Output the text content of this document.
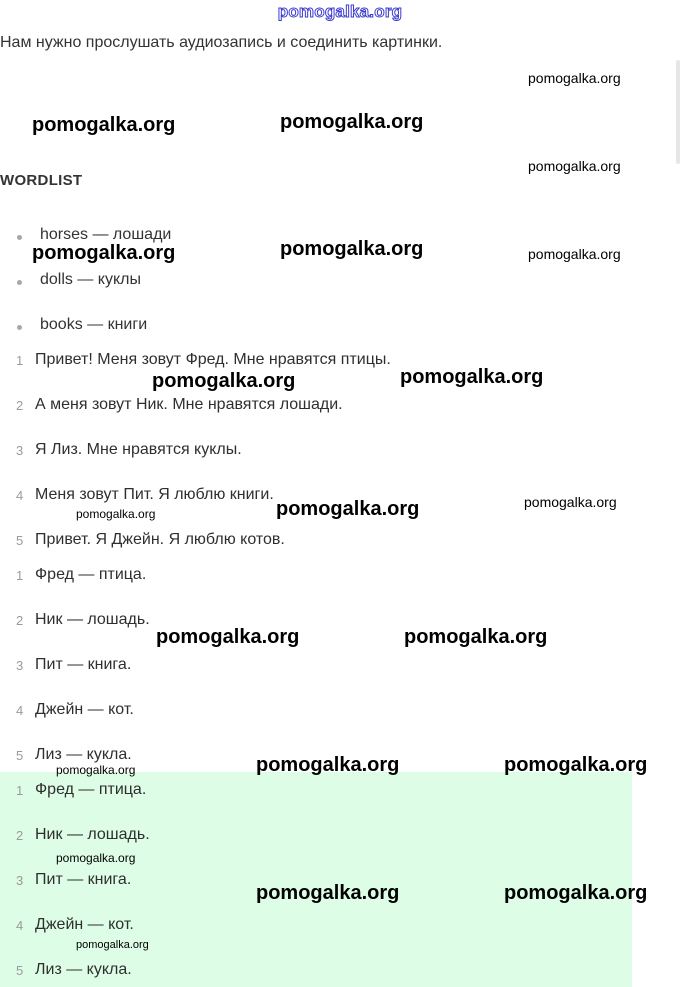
pomogalka.org
Нам нужно прослушать аудиозапись и соединить картинки.
WORDLIST
horses — лошади
dolls — куклы
books — книги
1 Привет! Меня зовут Фред. Мне нравятся птицы.
2 А меня зовут Ник. Мне нравятся лошади.
3 Я Лиз. Мне нравятся куклы.
4 Меня зовут Пит. Я люблю книги.
5 Привет. Я Джейн. Я люблю котов.
1 Фред — птица.
2 Ник — лошадь.
3 Пит — книга.
4 Джейн — кот.
5 Лиз — кукла.
1 Фред — птица.
2 Ник — лошадь.
3 Пит — книга.
4 Джейн — кот.
5 Лиз — кукла.
pomogalka.org
pomogalka.org	pomogalka.org
pomogalka.org
pomogalka.org	pomogalka.org	pomogalka.org
pomogalka.org	pomogalka.org
pomogalka.org	pomogalka.org
pomogalka.org
pomogalka.org	pomogalka.org
pomogalka.org	pomogalka.org
pomogalka.org
pomogalka.org
pomogalka.org	pomogalka.org
pomogalka.org
